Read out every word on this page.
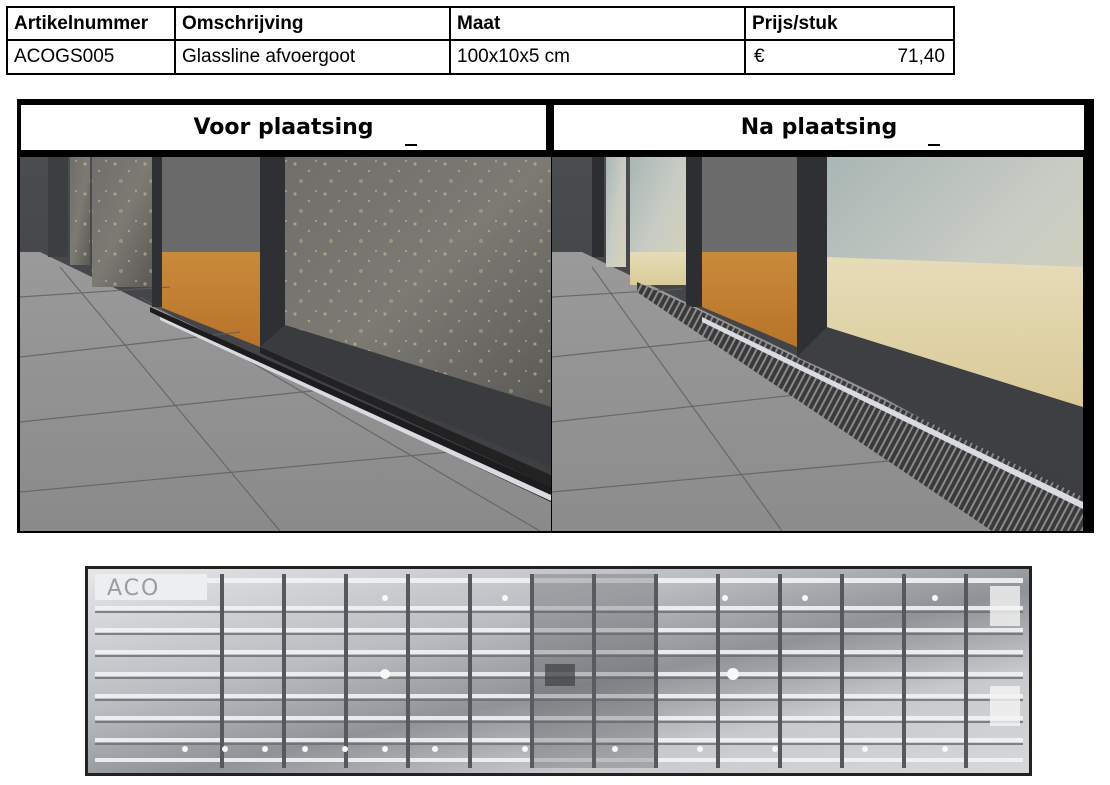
Artikelnummer	Omschrijving	Maat	Prijs/stuk
ACOGS005	Glassline afvoergoot	100x10x5 cm	€ 71,40
Voor plaatsing	Na plaatsing
ACO
